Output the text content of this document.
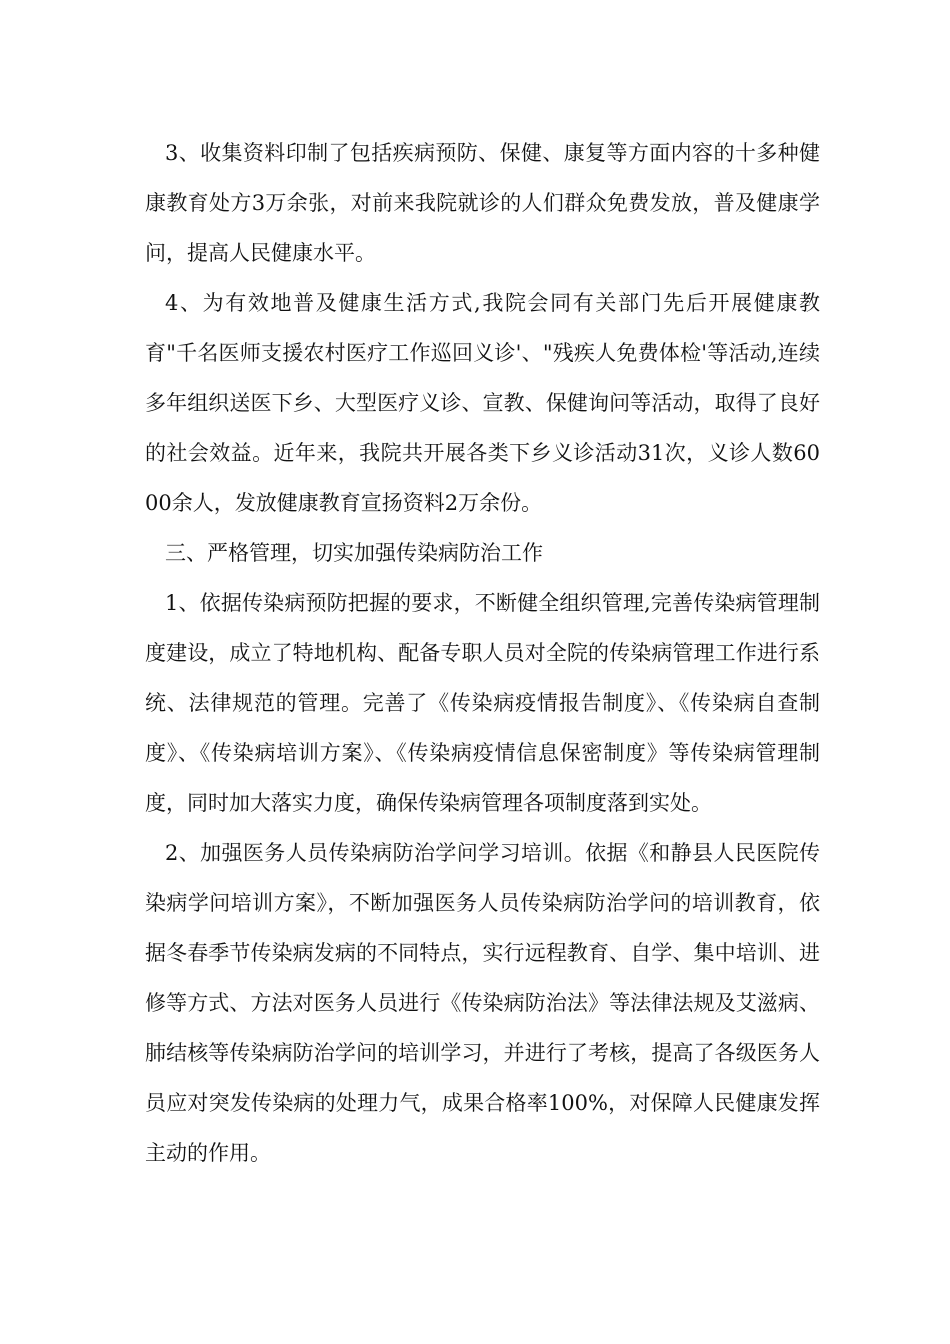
3、收集资料印制了包括疾病预防、保健、康复等方面内容的十多种健康教育处方3万余张，对前来我院就诊的人们群众免费发放，普及健康学问，提高人民健康水平。

4、为有效地普及健康生活方式,我院会同有关部门先后开展健康教育"千名医师支援农村医疗工作巡回义诊'、"残疾人免费体检'等活动,连续多年组织送医下乡、大型医疗义诊、宣教、保健询问等活动，取得了良好的社会效益。近年来，我院共开展各类下乡义诊活动31次，义诊人数6000余人，发放健康教育宣扬资料2万余份。

三、严格管理，切实加强传染病防治工作

1、依据传染病预防把握的要求，不断健全组织管理,完善传染病管理制度建设，成立了特地机构、配备专职人员对全院的传染病管理工作进行系统、法律规范的管理。完善了《传染病疫情报告制度》、《传染病自查制度》、《传染病培训方案》、《传染病疫情信息保密制度》等传染病管理制度，同时加大落实力度，确保传染病管理各项制度落到实处。

2、加强医务人员传染病防治学问学习培训。依据《和静县人民医院传染病学问培训方案》，不断加强医务人员传染病防治学问的培训教育，依据冬春季节传染病发病的不同特点，实行远程教育、自学、集中培训、进修等方式、方法对医务人员进行《传染病防治法》等法律法规及艾滋病、肺结核等传染病防治学问的培训学习，并进行了考核，提高了各级医务人员应对突发传染病的处理力气，成果合格率100%，对保障人民健康发挥主动的作用。
